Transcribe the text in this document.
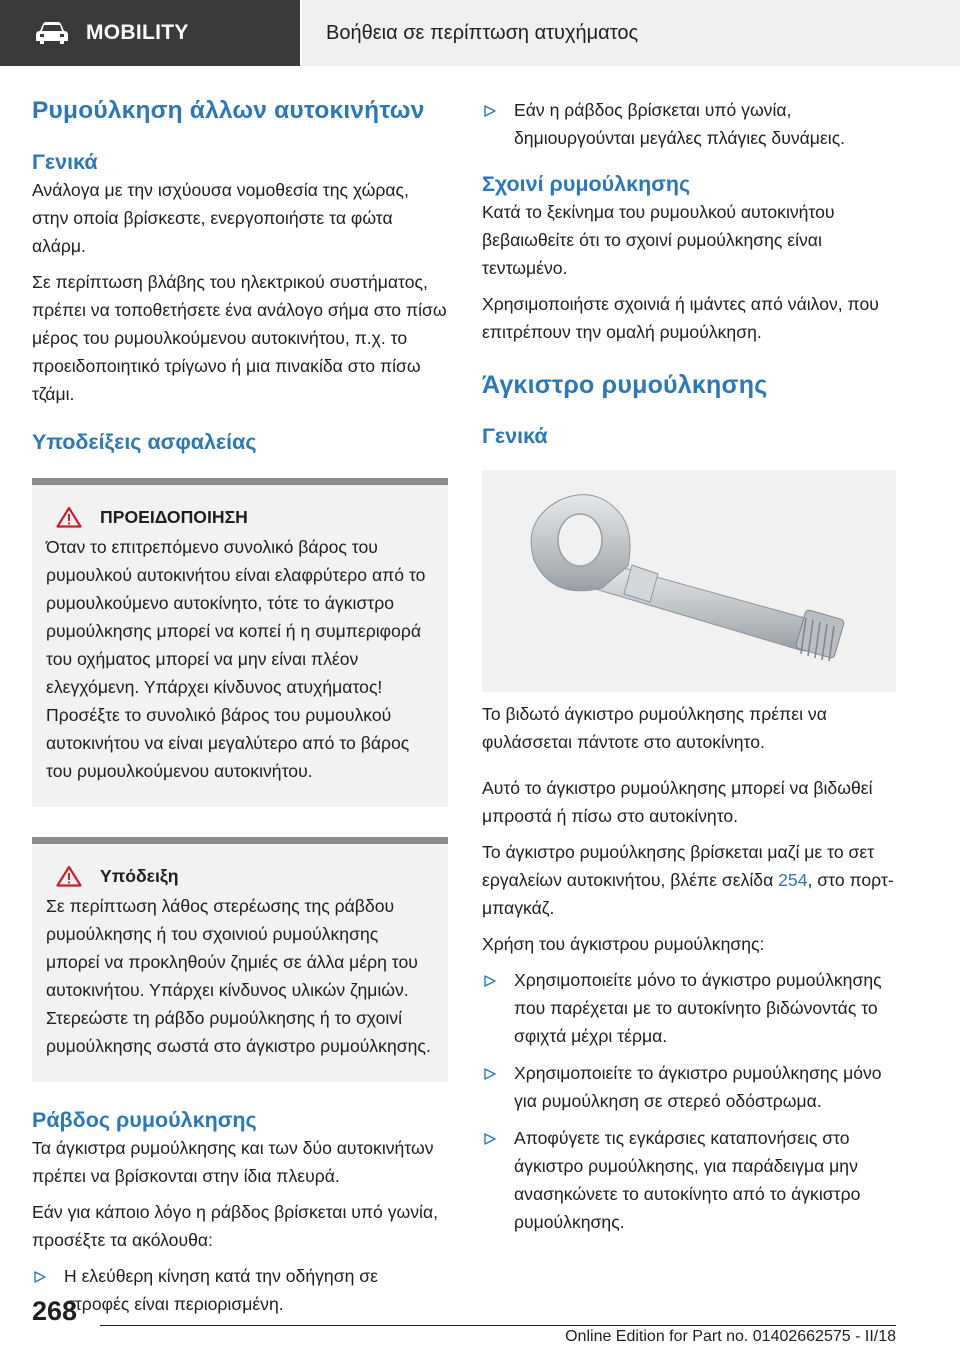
MOBILITY	Βοήθεια σε περίπτωση ατυχήματος
Ρυμούλκηση άλλων αυτοκινήτων
Γενικά

Ανάλογα με την ισχύουσα νομοθεσία της χώρας, στην οποία βρίσκεστε, ενεργοποιήστε τα φώτα αλάρμ.

Σε περίπτωση βλάβης του ηλεκτρικού συστήματος, πρέπει να τοποθετήσετε ένα ανάλογο σήμα στο πίσω μέρος του ρυμουλκούμενου αυτοκινήτου, π.χ. το προειδοποιητικό τρίγωνο ή μια πινακίδα στο πίσω τζάμι.

Υποδείξεις ασφαλείας
ΠΡΟΕΙΔΟΠΟΙΗΣΗ

Όταν το επιτρεπόμενο συνολικό βάρος του ρυμουλκού αυτοκινήτου είναι ελαφρύτερο από το ρυμουλκούμενο αυτοκίνητο, τότε το άγκιστρο ρυμούλκησης μπορεί να κοπεί ή η συμπεριφορά του οχήματος μπορεί να μην είναι πλέον ελεγχόμενη. Υπάρχει κίνδυνος ατυχήματος! Προσέξτε το συνολικό βάρος του ρυμουλκού αυτοκινήτου να είναι μεγαλύτερο από το βάρος του ρυμουλκούμενου αυτοκινήτου.

Υπόδειξη

Σε περίπτωση λάθος στερέωσης της ράβδου ρυμούλκησης ή του σχοινιού ρυμούλκησης μπορεί να προκληθούν ζημιές σε άλλα μέρη του αυτοκινήτου. Υπάρχει κίνδυνος υλικών ζημιών. Στερεώστε τη ράβδο ρυμούλκησης ή το σχοινί ρυμούλκησης σωστά στο άγκιστρο ρυμούλκησης.

Ράβδος ρυμούλκησης

Τα άγκιστρα ρυμούλκησης και των δύο αυτοκινήτων πρέπει να βρίσκονται στην ίδια πλευρά.

Εάν για κάποιο λόγο η ράβδος βρίσκεται υπό γωνία, προσέξτε τα ακόλουθα:

Η ελεύθερη κίνηση κατά την οδήγηση σε στροφές είναι περιορισμένη.
Εάν η ράβδος βρίσκεται υπό γωνία, δημιουργούνται μεγάλες πλάγιες δυνάμεις.
Σχοινί ρυμούλκησης

Κατά το ξεκίνημα του ρυμουλκού αυτοκινήτου βεβαιωθείτε ότι το σχοινί ρυμούλκησης είναι τεντωμένο.

Χρησιμοποιήστε σχοινιά ή ιμάντες από νάιλον, που επιτρέπουν την ομαλή ρυμούλκηση.

Άγκιστρο ρυμούλκησης
Γενικά

Το βιδωτό άγκιστρο ρυμούλκησης πρέπει να φυλάσσεται πάντοτε στο αυτοκίνητο.

Αυτό το άγκιστρο ρυμούλκησης μπορεί να βιδωθεί μπροστά ή πίσω στο αυτοκίνητο.

Το άγκιστρο ρυμούλκησης βρίσκεται μαζί με το σετ εργαλείων αυτοκινήτου, βλέπε σελίδα 254, στο πορτ-μπαγκάζ.

Χρήση του άγκιστρου ρυμούλκησης:

Χρησιμοποιείτε μόνο το άγκιστρο ρυμούλκησης που παρέχεται με το αυτοκίνητο βιδώνοντάς το σφιχτά μέχρι τέρμα.
Χρησιμοποιείτε το άγκιστρο ρυμούλκησης μόνο για ρυμούλκηση σε στερεό οδόστρωμα.
Αποφύγετε τις εγκάρσιες καταπονήσεις στο άγκιστρο ρυμούλκησης, για παράδειγμα μην ανασηκώνετε το αυτοκίνητο από το άγκιστρο ρυμούλκησης.
268
Online Edition for Part no. 01402662575 - II/18
